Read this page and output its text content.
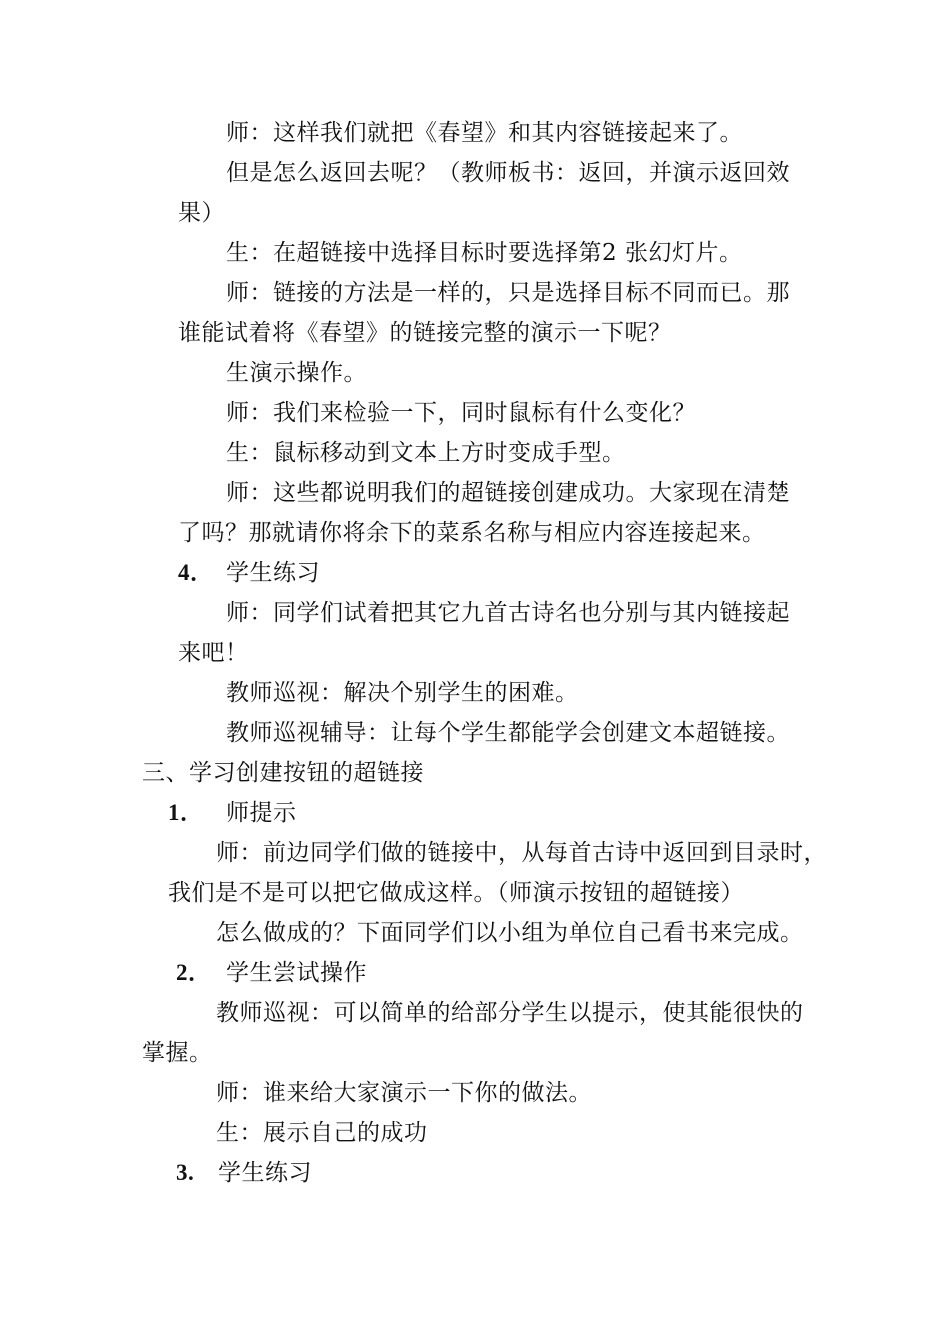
师：这样我们就把《春望》和其内容链接起来了。
但是怎么返回去呢？（教师板书：返回，并演示返回效
果）
生：在超链接中选择目标时要选择第2 张幻灯片。
师：链接的方法是一样的，只是选择目标不同而已。那
谁能试着将《春望》的链接完整的演示一下呢？
生演示操作。
师：我们来检验一下，同时鼠标有什么变化？
生：鼠标移动到文本上方时变成手型。
师：这些都说明我们的超链接创建成功。大家现在清楚
了吗？那就请你将余下的菜系名称与相应内容连接起来。
4． 学生练习
师：同学们试着把其它九首古诗名也分别与其内链接起
来吧！
教师巡视：解决个别学生的困难。
教师巡视辅导：让每个学生都能学会创建文本超链接。
三、学习创建按钮的超链接
1． 师提示
师：前边同学们做的链接中，从每首古诗中返回到目录时，
我们是不是可以把它做成这样。（师演示按钮的超链接）
怎么做成的？下面同学们以小组为单位自己看书来完成。
2． 学生尝试操作
教师巡视：可以简单的给部分学生以提示，使其能很快的
掌握。
师：谁来给大家演示一下你的做法。
生：展示自己的成功
3. 学生练习
